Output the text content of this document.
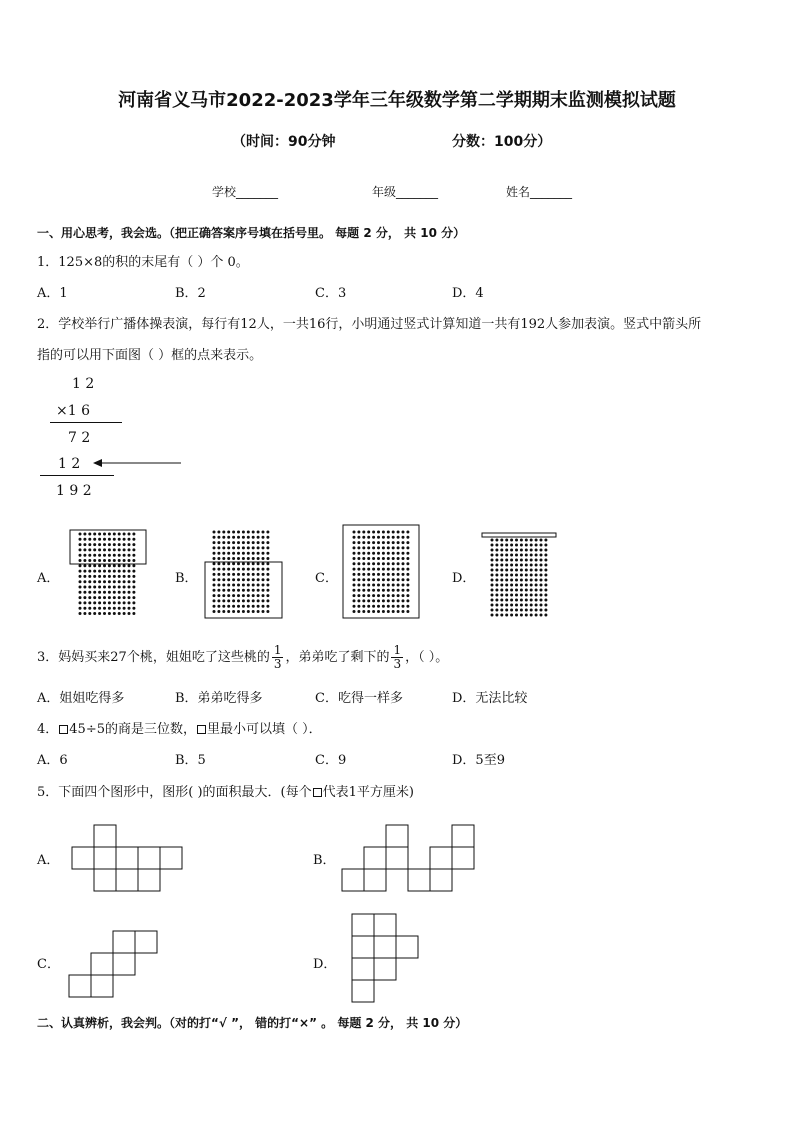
河南省义马市2022-2023学年三年级数学第二学期期末监测模拟试题
（时间：90分钟	分数：100分）
学校_______	年级_______	姓名_______
一、用心思考，我会选。（把正确答案序号填在括号里。 每题 2 分， 共 10 分）
1．125×8的积的末尾有（ ）个 0。
A．1	B．2	C．3	D．4
2．学校举行广播体操表演，每行有12人，一共16行，小明通过竖式计算知道一共有192人参加表演。竖式中箭头所
指的可以用下面图（ ）框的点来表示。
1 2
×1 6
7 2
1 2
1 9 2
A．	B．	C．	D．
3．妈妈买来27个桃，姐姐吃了这些桃的 $\frac{1}{3}$ ，弟弟吃了剩下的 $\frac{1}{3}$ ，（ ）。
A．姐姐吃得多	B．弟弟吃得多	C．吃得一样多	D．无法比较
4． 45÷5的商是三位数， 里最小可以填（ ）．
A．6	B．5	C．9	D．5至9
5．下面四个图形中，图形( )的面积最大．(每个 代表1平方厘米)
A．	B．
C．	D．
二、认真辨析，我会判。（对的打“√ ”， 错的打“×” 。 每题 2 分， 共 10 分）
